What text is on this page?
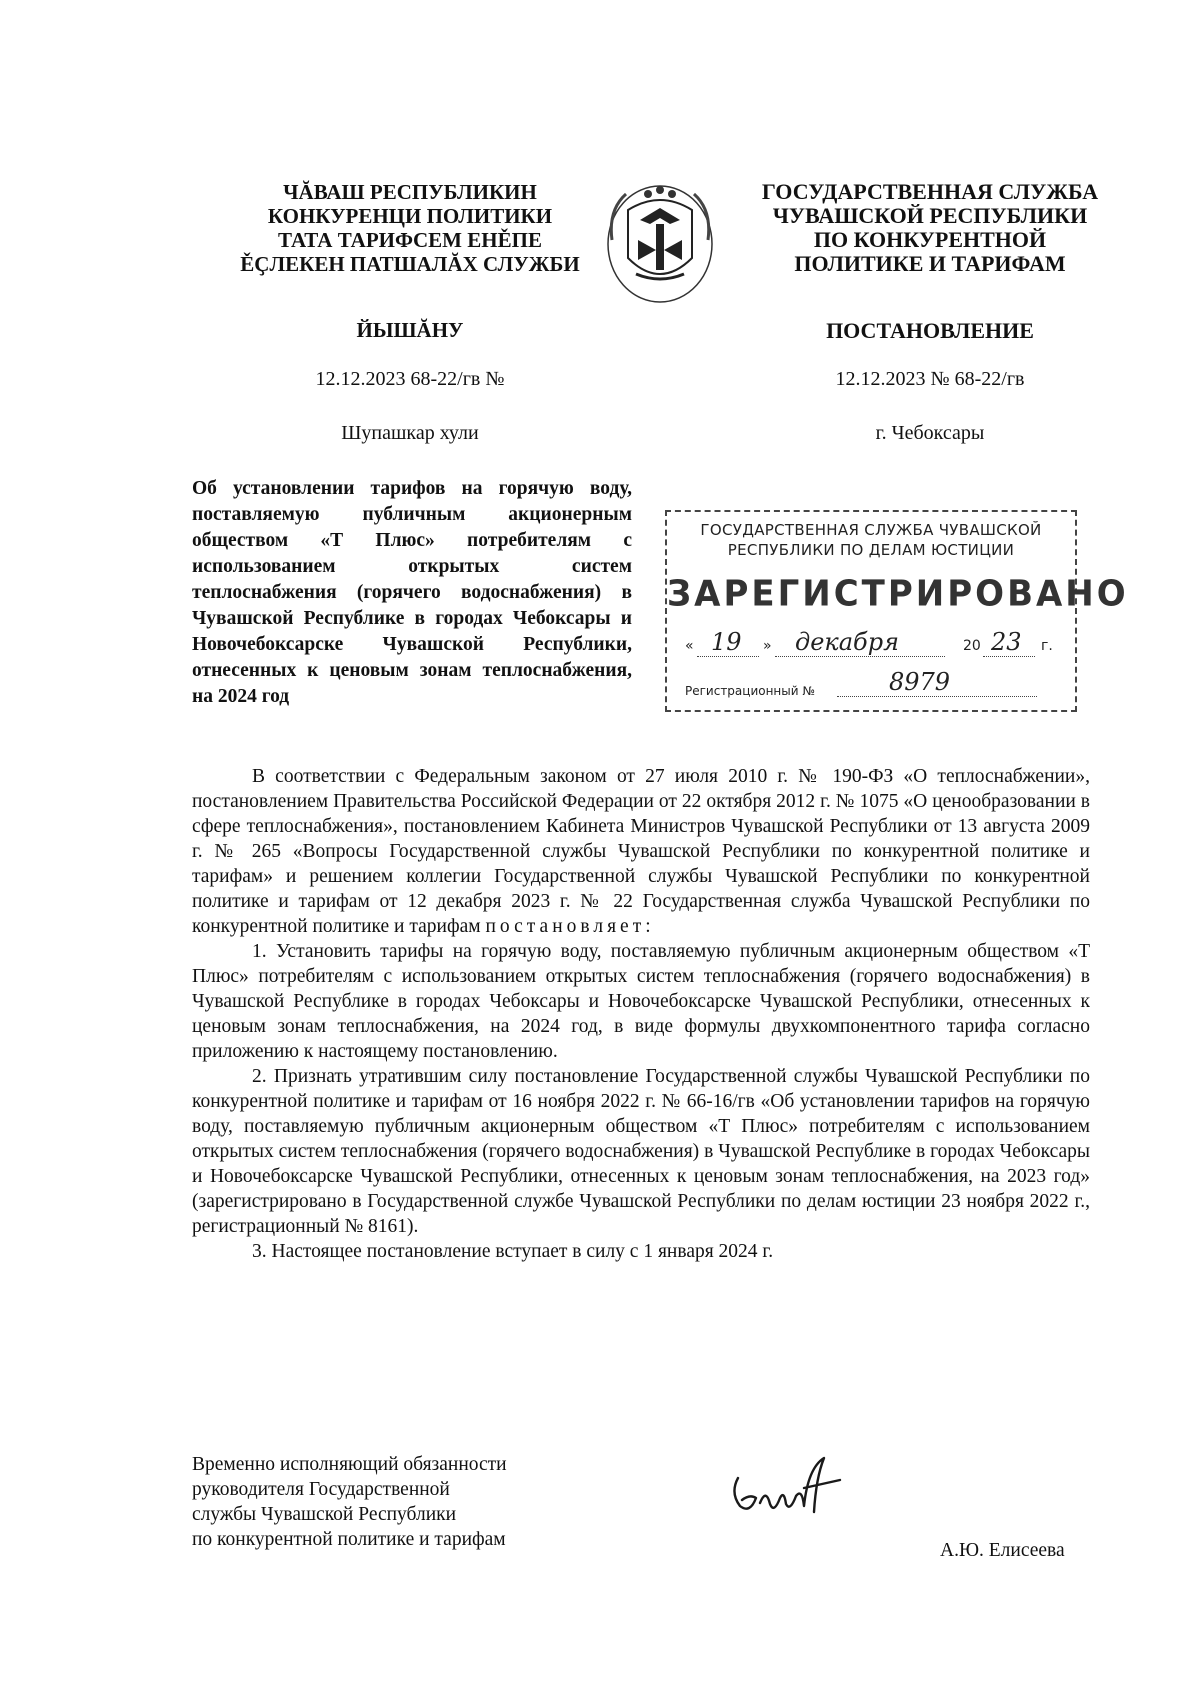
ЧĂВАШ РЕСПУБЛИКИН
КОНКУРЕНЦИ ПОЛИТИКИ
ТАТА ТАРИФСЕМ ЕНĚПЕ
ĚҪЛЕКЕН ПАТШАЛĂХ СЛУЖБИ
ГОСУДАРСТВЕННАЯ СЛУЖБА
ЧУВАШСКОЙ РЕСПУБЛИКИ
ПО КОНКУРЕНТНОЙ
ПОЛИТИКЕ И ТАРИФАМ
ЙЫШĂНУ	ПОСТАНОВЛЕНИЕ
12.12.2023 68-22/гв №	12.12.2023 № 68-22/гв
Шупашкар хули	г. Чебоксары
Об установлении тарифов на горячую воду, поставляемую публичным акционерным обществом «Т Плюс» потребителям с использованием открытых систем теплоснабжения (горячего водоснабжения) в Чувашской Республике в городах Чебоксары и Новочебоксарске Чувашской Республики, отнесенных к ценовым зонам теплоснабжения, на 2024 год
ГОСУДАРСТВЕННАЯ СЛУЖБА ЧУВАШСКОЙ
РЕСПУБЛИКИ ПО ДЕЛАМ ЮСТИЦИИ
ЗАРЕГИСТРИРОВАНО
« 19 » декабря	20 23 г.
Регистрационный №	8979

В соответствии с Федеральным законом от 27 июля 2010 г. № 190-ФЗ «О теплоснабжении», постановлением Правительства Российской Федерации от 22 октября 2012 г. № 1075 «О ценообразовании в сфере теплоснабжения», постановлением Кабинета Министров Чувашской Республики от 13 августа 2009 г. № 265 «Вопросы Государственной службы Чувашской Республики по конкурентной политике и тарифам» и решением коллегии Государственной службы Чувашской Республики по конкурентной политике и тарифам от 12 декабря 2023 г. № 22 Государственная служба Чувашской Республики по конкурентной политике и тарифам постановляет:

1. Установить тарифы на горячую воду, поставляемую публичным акционерным обществом «Т Плюс» потребителям с использованием открытых систем теплоснабжения (горячего водоснабжения) в Чувашской Республике в городах Чебоксары и Новочебоксарске Чувашской Республики, отнесенных к ценовым зонам теплоснабжения, на 2024 год, в виде формулы двухкомпонентного тарифа согласно приложению к настоящему постановлению.

2. Признать утратившим силу постановление Государственной службы Чувашской Республики по конкурентной политике и тарифам от 16 ноября 2022 г. № 66-16/гв «Об установлении тарифов на горячую воду, поставляемую публичным акционерным обществом «Т Плюс» потребителям с использованием открытых систем теплоснабжения (горячего водоснабжения) в Чувашской Республике в городах Чебоксары и Новочебоксарске Чувашской Республики, отнесенных к ценовым зонам теплоснабжения, на 2023 год» (зарегистрировано в Государственной службе Чувашской Республики по делам юстиции 23 ноября 2022 г., регистрационный № 8161).

3. Настоящее постановление вступает в силу с 1 января 2024 г.

Временно исполняющий обязанности
руководителя Государственной
службы Чувашской Республики
по конкурентной политике и тарифам
А.Ю. Елисеева
